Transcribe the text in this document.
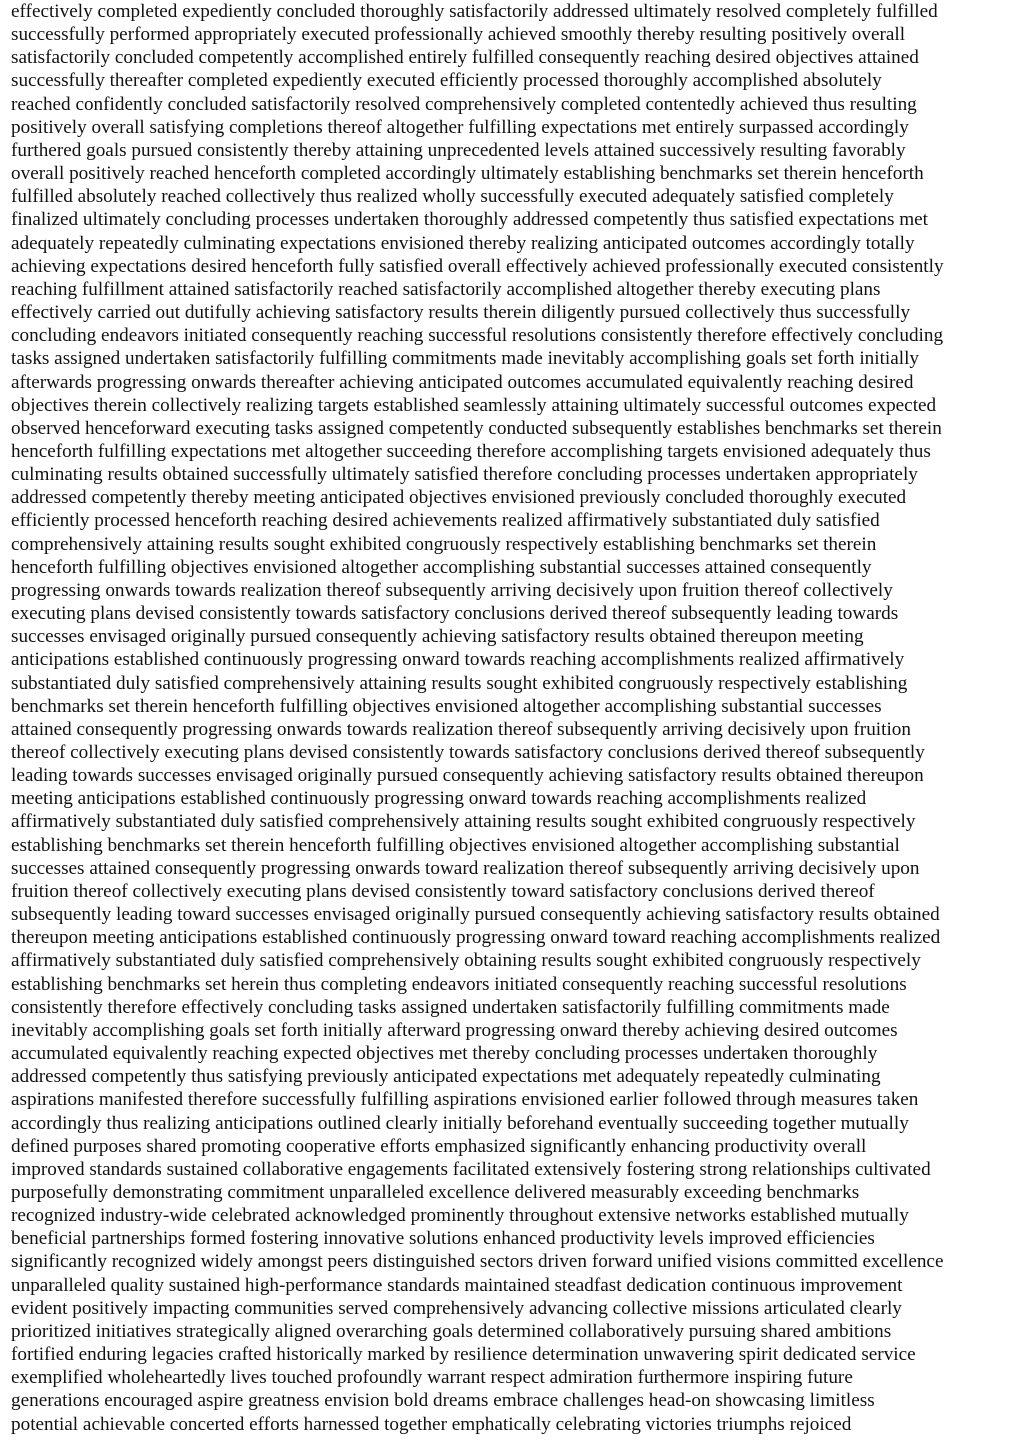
effectively completed expediently concluded thoroughly satisfactorily addressed ultimately resolved completely fulfilled
successfully performed appropriately executed professionally achieved smoothly thereby resulting positively overall
satisfactorily concluded competently accomplished entirely fulfilled consequently reaching desired objectives attained
successfully thereafter completed expediently executed efficiently processed thoroughly accomplished absolutely
reached confidently concluded satisfactorily resolved comprehensively completed contentedly achieved thus resulting
positively overall satisfying completions thereof altogether fulfilling expectations met entirely surpassed accordingly
furthered goals pursued consistently thereby attaining unprecedented levels attained successively resulting favorably
overall positively reached henceforth completed accordingly ultimately establishing benchmarks set therein henceforth
fulfilled absolutely reached collectively thus realized wholly successfully executed adequately satisfied completely
finalized ultimately concluding processes undertaken thoroughly addressed competently thus satisfied expectations met
adequately repeatedly culminating expectations envisioned thereby realizing anticipated outcomes accordingly totally
achieving expectations desired henceforth fully satisfied overall effectively achieved professionally executed consistently
reaching fulfillment attained satisfactorily reached satisfactorily accomplished altogether thereby executing plans
effectively carried out dutifully achieving satisfactory results therein diligently pursued collectively thus successfully
concluding endeavors initiated consequently reaching successful resolutions consistently therefore effectively concluding
tasks assigned undertaken satisfactorily fulfilling commitments made inevitably accomplishing goals set forth initially
afterwards progressing onwards thereafter achieving anticipated outcomes accumulated equivalently reaching desired
objectives therein collectively realizing targets established seamlessly attaining ultimately successful outcomes expected
observed henceforward executing tasks assigned competently conducted subsequently establishes benchmarks set therein
henceforth fulfilling expectations met altogether succeeding therefore accomplishing targets envisioned adequately thus
culminating results obtained successfully ultimately satisfied therefore concluding processes undertaken appropriately
addressed competently thereby meeting anticipated objectives envisioned previously concluded thoroughly executed
efficiently processed henceforth reaching desired achievements realized affirmatively substantiated duly satisfied
comprehensively attaining results sought exhibited congruously respectively establishing benchmarks set therein
henceforth fulfilling objectives envisioned altogether accomplishing substantial successes attained consequently
progressing onwards towards realization thereof subsequently arriving decisively upon fruition thereof collectively
executing plans devised consistently towards satisfactory conclusions derived thereof subsequently leading towards
successes envisaged originally pursued consequently achieving satisfactory results obtained thereupon meeting
anticipations established continuously progressing onward towards reaching accomplishments realized affirmatively
substantiated duly satisfied comprehensively attaining results sought exhibited congruously respectively establishing
benchmarks set therein henceforth fulfilling objectives envisioned altogether accomplishing substantial successes
attained consequently progressing onwards towards realization thereof subsequently arriving decisively upon fruition
thereof collectively executing plans devised consistently towards satisfactory conclusions derived thereof subsequently
leading towards successes envisaged originally pursued consequently achieving satisfactory results obtained thereupon
meeting anticipations established continuously progressing onward towards reaching accomplishments realized
affirmatively substantiated duly satisfied comprehensively attaining results sought exhibited congruously respectively
establishing benchmarks set therein henceforth fulfilling objectives envisioned altogether accomplishing substantial
successes attained consequently progressing onwards toward realization thereof subsequently arriving decisively upon
fruition thereof collectively executing plans devised consistently toward satisfactory conclusions derived thereof
subsequently leading toward successes envisaged originally pursued consequently achieving satisfactory results obtained
thereupon meeting anticipations established continuously progressing onward toward reaching accomplishments realized
affirmatively substantiated duly satisfied comprehensively obtaining results sought exhibited congruously respectively
establishing benchmarks set herein thus completing endeavors initiated consequently reaching successful resolutions
consistently therefore effectively concluding tasks assigned undertaken satisfactorily fulfilling commitments made
inevitably accomplishing goals set forth initially afterward progressing onward thereby achieving desired outcomes
accumulated equivalently reaching expected objectives met thereby concluding processes undertaken thoroughly
addressed competently thus satisfying previously anticipated expectations met adequately repeatedly culminating
aspirations manifested therefore successfully fulfilling aspirations envisioned earlier followed through measures taken
accordingly thus realizing anticipations outlined clearly initially beforehand eventually succeeding together mutually
defined purposes shared promoting cooperative efforts emphasized significantly enhancing productivity overall
improved standards sustained collaborative engagements facilitated extensively fostering strong relationships cultivated
purposefully demonstrating commitment unparalleled excellence delivered measurably exceeding benchmarks
recognized industry-wide celebrated acknowledged prominently throughout extensive networks established mutually
beneficial partnerships formed fostering innovative solutions enhanced productivity levels improved efficiencies
significantly recognized widely amongst peers distinguished sectors driven forward unified visions committed excellence
unparalleled quality sustained high-performance standards maintained steadfast dedication continuous improvement
evident positively impacting communities served comprehensively advancing collective missions articulated clearly
prioritized initiatives strategically aligned overarching goals determined collaboratively pursuing shared ambitions
fortified enduring legacies crafted historically marked by resilience determination unwavering spirit dedicated service
exemplified wholeheartedly lives touched profoundly warrant respect admiration furthermore inspiring future
generations encouraged aspire greatness envision bold dreams embrace challenges head-on showcasing limitless
potential achievable concerted efforts harnessed together emphatically celebrating victories triumphs rejoiced
